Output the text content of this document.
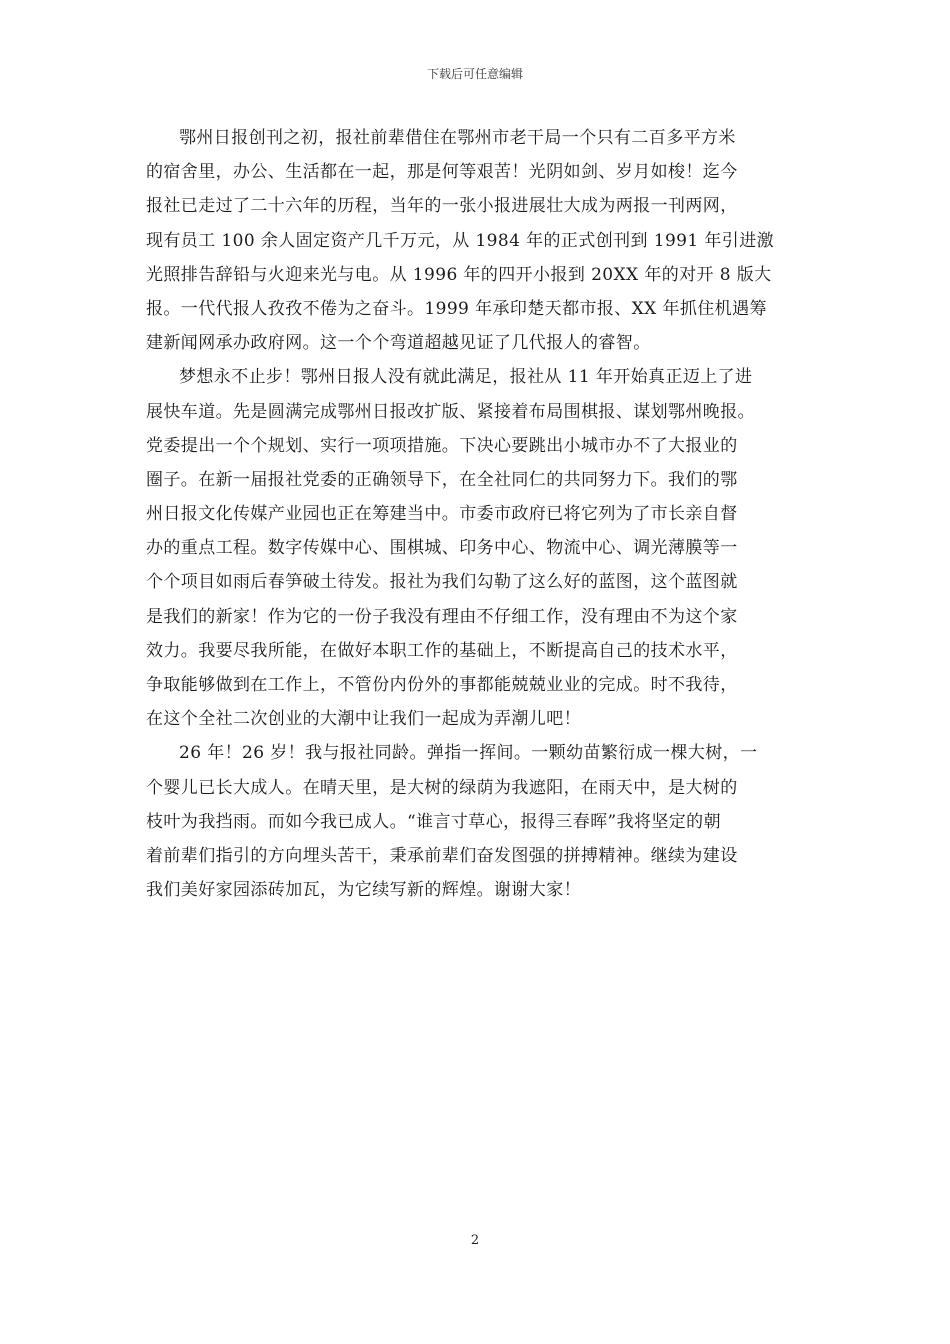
下载后可任意编辑

鄂州日报创刊之初，报社前辈借住在鄂州市老干局一个只有二百多平方米
的宿舍里，办公、生活都在一起，那是何等艰苦！光阴如剑、岁月如梭！迄今
报社已走过了二十六年的历程，当年的一张小报进展壮大成为两报一刊两网，
现有员工 100 余人固定资产几千万元，从 1984 年的正式创刊到 1991 年引进激
光照排告辞铅与火迎来光与电。从 1996 年的四开小报到 20XX 年的对开 8 版大
报。一代代报人孜孜不倦为之奋斗。1999 年承印楚天都市报、XX 年抓住机遇筹
建新闻网承办政府网。这一个个弯道超越见证了几代报人的睿智。

梦想永不止步！鄂州日报人没有就此满足，报社从 11 年开始真正迈上了进
展快车道。先是圆满完成鄂州日报改扩版、紧接着布局围棋报、谋划鄂州晚报。
党委提出一个个规划、实行一项项措施。下决心要跳出小城市办不了大报业的
圈子。在新一届报社党委的正确领导下，在全社同仁的共同努力下。我们的鄂
州日报文化传媒产业园也正在筹建当中。市委市政府已将它列为了市长亲自督
办的重点工程。数字传媒中心、围棋城、印务中心、物流中心、调光薄膜等一
个个项目如雨后春笋破土待发。报社为我们勾勒了这么好的蓝图，这个蓝图就
是我们的新家！作为它的一份子我没有理由不仔细工作，没有理由不为这个家
效力。我要尽我所能，在做好本职工作的基础上，不断提高自己的技术水平，
争取能够做到在工作上，不管份内份外的事都能兢兢业业的完成。时不我待，
在这个全社二次创业的大潮中让我们一起成为弄潮儿吧！

26 年！26 岁！我与报社同龄。弹指一挥间。一颗幼苗繁衍成一棵大树，一
个婴儿已长大成人。在晴天里，是大树的绿荫为我遮阳，在雨天中，是大树的
枝叶为我挡雨。而如今我已成人。“谁言寸草心，报得三春晖”我将坚定的朝
着前辈们指引的方向埋头苦干，秉承前辈们奋发图强的拼搏精神。继续为建设
我们美好家园添砖加瓦，为它续写新的辉煌。谢谢大家！

2
